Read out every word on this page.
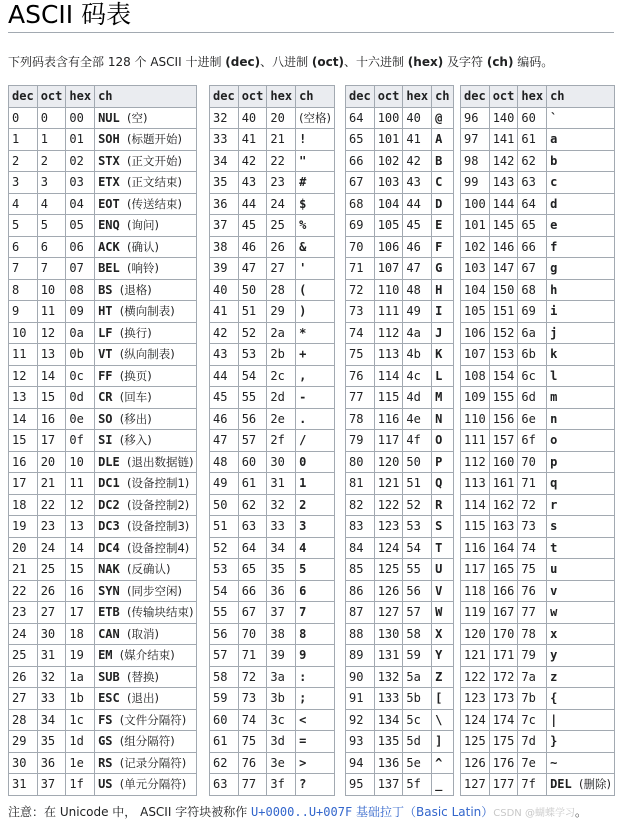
ASCII 码表
下列码表含有全部 128 个 ASCII 十进制 (dec)、八进制 (oct)、十六进制 (hex) 及字符 (ch) 编码。
dec	oct	hex	ch
0	0	00	NUL (空)
1	1	01	SOH (标题开始)
2	2	02	STX (正文开始)
3	3	03	ETX (正文结束)
4	4	04	EOT (传送结束)
5	5	05	ENQ (询问)
6	6	06	ACK (确认)
7	7	07	BEL (响铃)
8	10	08	BS (退格)
9	11	09	HT (横向制表)
10	12	0a	LF (换行)
11	13	0b	VT (纵向制表)
12	14	0c	FF (换页)
13	15	0d	CR (回车)
14	16	0e	SO (移出)
15	17	0f	SI (移入)
16	20	10	DLE (退出数据链)
17	21	11	DC1 (设备控制1)
18	22	12	DC2 (设备控制2)
19	23	13	DC3 (设备控制3)
20	24	14	DC4 (设备控制4)
21	25	15	NAK (反确认)
22	26	16	SYN (同步空闲)
23	27	17	ETB (传输块结束)
24	30	18	CAN (取消)
25	31	19	EM (媒介结束)
26	32	1a	SUB (替换)
27	33	1b	ESC (退出)
28	34	1c	FS (文件分隔符)
29	35	1d	GS (组分隔符)
30	36	1e	RS (记录分隔符)
31	37	1f	US (单元分隔符)
dec	oct	hex	ch
32	40	20	(空格)
33	41	21	!
34	42	22	"
35	43	23	#
36	44	24	$
37	45	25	%
38	46	26	&
39	47	27	'
40	50	28	(
41	51	29	)
42	52	2a	*
43	53	2b	+
44	54	2c	,
45	55	2d	-
46	56	2e	.
47	57	2f	/
48	60	30	0
49	61	31	1
50	62	32	2
51	63	33	3
52	64	34	4
53	65	35	5
54	66	36	6
55	67	37	7
56	70	38	8
57	71	39	9
58	72	3a	:
59	73	3b	;
60	74	3c	<
61	75	3d	=
62	76	3e	>
63	77	3f	?
dec	oct	hex	ch
64	100	40	@
65	101	41	A
66	102	42	B
67	103	43	C
68	104	44	D
69	105	45	E
70	106	46	F
71	107	47	G
72	110	48	H
73	111	49	I
74	112	4a	J
75	113	4b	K
76	114	4c	L
77	115	4d	M
78	116	4e	N
79	117	4f	O
80	120	50	P
81	121	51	Q
82	122	52	R
83	123	53	S
84	124	54	T
85	125	55	U
86	126	56	V
87	127	57	W
88	130	58	X
89	131	59	Y
90	132	5a	Z
91	133	5b	[
92	134	5c	\
93	135	5d	]
94	136	5e	^
95	137	5f	_
dec	oct	hex	ch
96	140	60	`
97	141	61	a
98	142	62	b
99	143	63	c
100	144	64	d
101	145	65	e
102	146	66	f
103	147	67	g
104	150	68	h
105	151	69	i
106	152	6a	j
107	153	6b	k
108	154	6c	l
109	155	6d	m
110	156	6e	n
111	157	6f	o
112	160	70	p
113	161	71	q
114	162	72	r
115	163	73	s
116	164	74	t
117	165	75	u
118	166	76	v
119	167	77	w
120	170	78	x
121	171	79	y
122	172	7a	z
123	173	7b	{
124	174	7c	|
125	175	7d	}
126	176	7e	~
127	177	7f	DEL (删除)
注意：在 Unicode 中， ASCII 字符块被称作 U+0000..U+007F 基础拉丁（Basic Latin）CSDN @蝴蝶学习。
